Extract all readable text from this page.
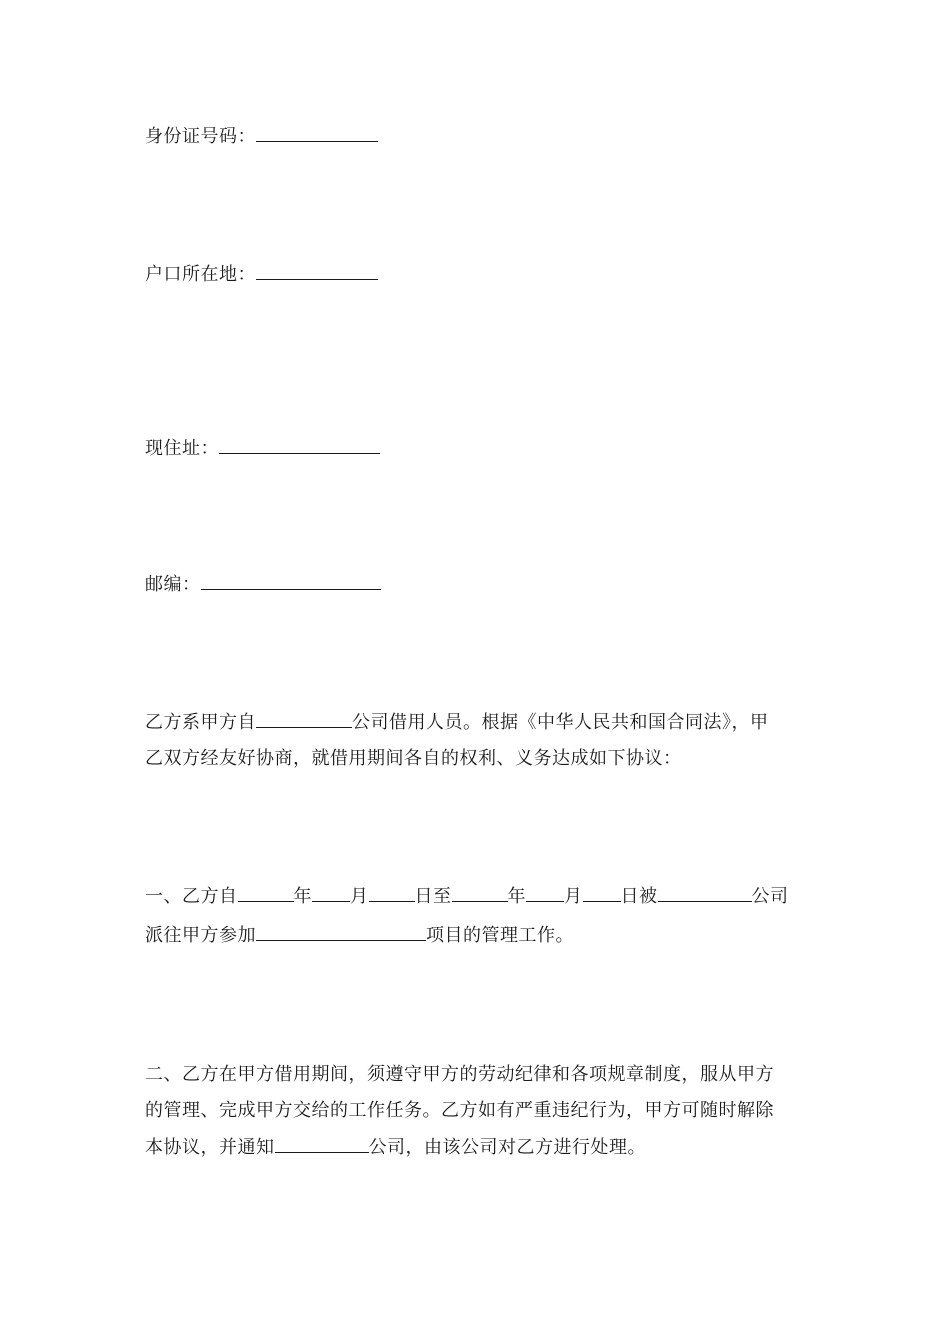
身份证号码：
户口所在地：
现住址：
邮编：
乙方系甲方自	公司借用人员。根据《中华人民共和国合同法》，甲
乙双方经友好协商，就借用期间各自的权利、义务达成如下协议：
一、乙方自	年 月	日至	年 月 日被	公司
派往甲方参加	项目的管理工作。
二、乙方在甲方借用期间，须遵守甲方的劳动纪律和各项规章制度，服从甲方
的管理、完成甲方交给的工作任务。乙方如有严重违纪行为，甲方可随时解除
本协议，并通知	公司，由该公司对乙方进行处理。
